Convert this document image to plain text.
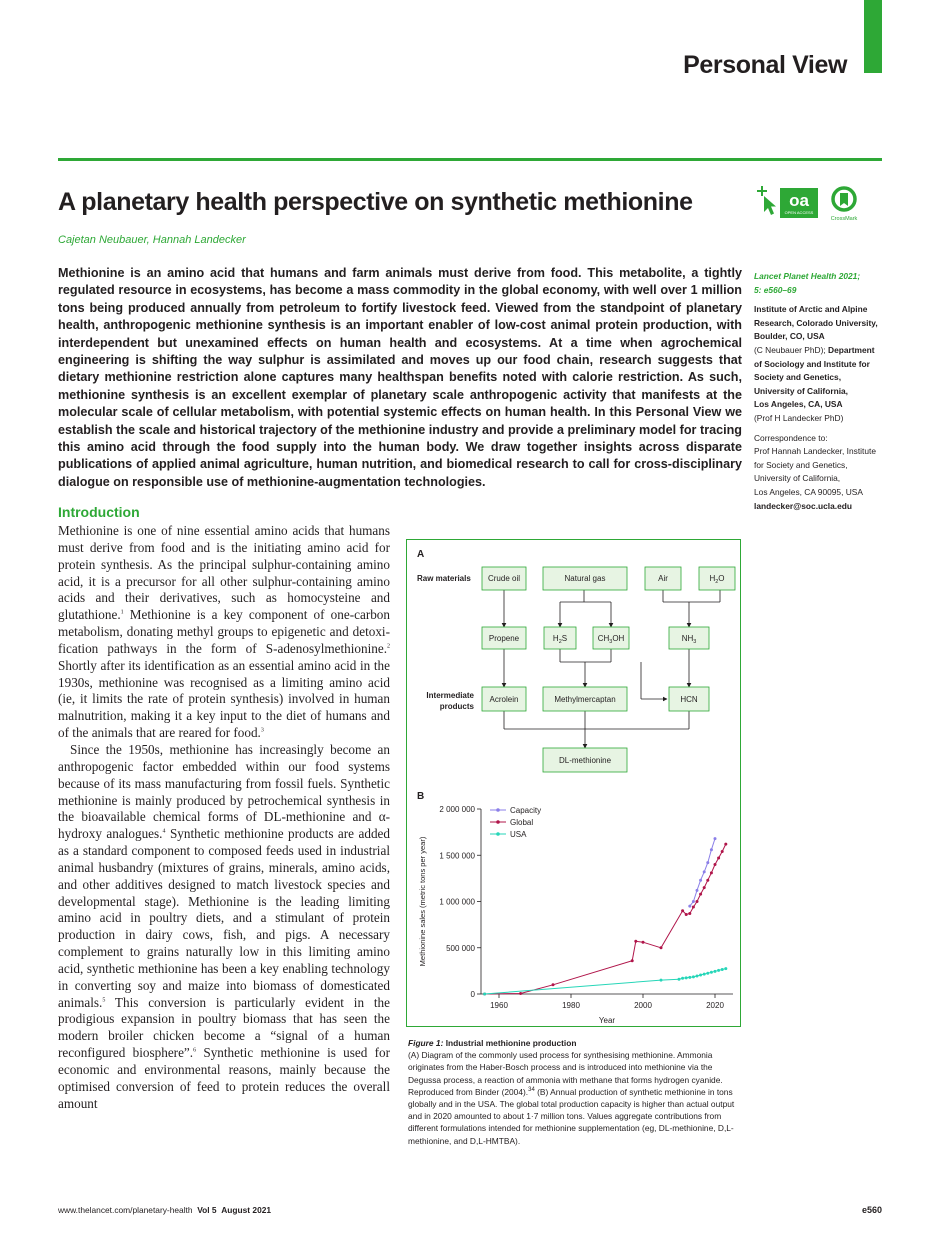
Personal View
A planetary health perspective on synthetic methionine
Cajetan Neubauer, Hannah Landecker
oa
OPEN ACCESS
CrossMark

Methionine is an amino acid that humans and farm animals must derive from food. This metabolite, a tightly regulated resource in ecosystems, has become a mass commodity in the global economy, with well over 1 million tons being produced annually from petroleum to fortify livestock feed. Viewed from the standpoint of planetary health, anthropogenic methionine synthesis is an important enabler of low-cost animal protein production, with interdependent but unexamined effects on human health and ecosystems. At a time when agrochemical engineering is shifting the way sulphur is assimilated and moves up our food chain, research suggests that dietary methionine restriction alone captures many healthspan benefits noted with calorie restriction. As such, methionine synthesis is an excellent exemplar of planetary scale anthropogenic activity that manifests at the molecular scale of cellular metabolism, with potential systemic effects on human health. In this Personal View we establish the scale and historical trajectory of the methionine industry and provide a preliminary model for tracing this amino acid through the food supply into the human body. We draw together insights across disparate publications of applied animal agriculture, human nutrition, and biomedical research to call for cross-disciplinary dialogue on responsible use of methionine-augmentation technologies.

Lancet Planet Health 2021;
5: e560–69
Institute of Arctic and Alpine
Research, Colorado University,
Boulder, CO, USA
(C Neubauer PhD); Department
of Sociology and Institute for
Society and Genetics,
University of California,
Los Angeles, CA, USA
(Prof H Landecker PhD)
Correspondence to:
Prof Hannah Landecker, Institute
for Society and Genetics,
University of California,
Los Angeles, CA 90095, USA
landecker@soc.ucla.edu
Introduction

Methionine is one of nine essential amino acids that humans must derive from food and is the initiating amino acid for protein synthesis. As the principal sulphur-containing amino acid, it is a precursor for all other sulphur-containing amino acids and their derivatives, such as homocysteine and glutathione.$^1$ Methionine is a key component of one-carbon metabolism, donating methyl groups to epigenetic and detoxification pathways in the form of S-adenosylmethionine.$^2$ Shortly after its identification as an essential amino acid in the 1930s, methionine was recognised as a limiting amino acid (ie, it limits the rate of protein synthesis) involved in human malnutrition, making it a key input to the diet of humans and of the animals that are reared for food.$^3$

Since the 1950s, methionine has increasingly become an anthropogenic factor embedded within our food systems because of its mass manufacturing from fossil fuels. Synthetic methionine is mainly produced by petrochemical synthesis in the bioavailable chemical forms of DL-methionine and α-hydroxy analogues.$^4$ Synthetic methionine products are added as a standard component to composed feeds used in industrial animal husbandry (mixtures of grains, minerals, amino acids, and other additives designed to match livestock species and developmental stage). Methionine is the leading limiting amino acid in poultry diets, and a stimulant of protein production in dairy cows, fish, and pigs. A necessary complement to grains naturally low in this limiting amino acid, synthetic methionine has been a key enabling technology in converting soy and maize into biomass of domesticated animals.$^5$ This conversion is particularly evident in the prodigious expansion in poultry biomass that has seen the modern broiler chicken become a “signal of a human reconfigured biosphere”.$^6$ Synthetic methionine is used for economic and environmental reasons, mainly because the optimised conversion of feed to protein reduces the overall amount

A
Raw materials
Intermediate
products
Crude oil	Natural gas	Air	$H_2O$
Propene	$H_2S$	$CH_3OH$	$NH_3$
Acrolein	Methylmercaptan	HCN
DL-methionine
B
0
500 000
1 000 000
1 500 000
2 000 000
1960	1980	2000	2020
Year
Methionine sales (metric tons per year)
Capacity
Global
USA
Figure 1: Industrial methionine production
(A) Diagram of the commonly used process for synthesising methionine. Ammonia originates from the Haber-Bosch process and is introduced into methionine via the Degussa process, a reaction of ammonia with methane that forms hydrogen cyanide. Reproduced from Binder (2004).$^{34}$ (B) Annual production of synthetic methionine in tons globally and in the USA. The global total production capacity is higher than actual output and in 2020 amounted to about 1·7 million tons. Values aggregate contributions from different formulations intended for methionine supplementation (eg, DL-methionine, D,L-methionine, and D,L-HMTBA).
www.thelancet.com/planetary-health Vol 5 August 2021	e560
